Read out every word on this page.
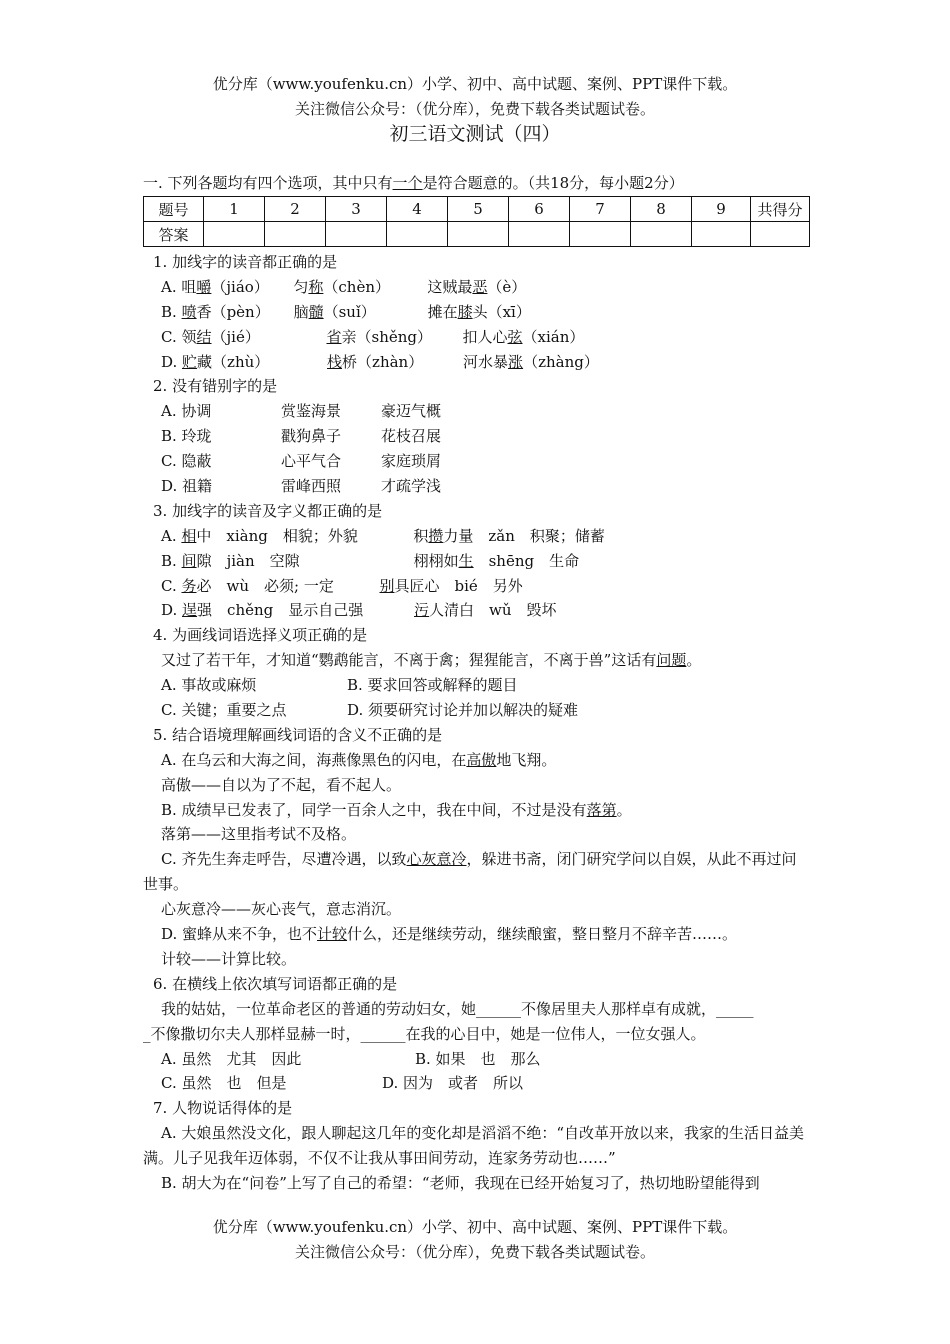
优分库（www.youfenku.cn）小学、初中、高中试题、案例、PPT课件下载。
关注微信公众号：（优分库），免费下载各类试题试卷。
初三语文测试（四）
一. 下列各题均有四个选项，其中只有一个是符合题意的。（共18分，每小题2分）
题号	1	2	3	4	5	6	7	8	9	共得分
答案										
1. 加线字的读音都正确的是
A. 咀嚼（jiáo） 匀称（chèn） 这贼最恶（è）
B. 喷香（pèn） 脑髓（suǐ）	摊在膝头（xī）
C. 领结（jié）	省亲（shěng） 扣人心弦（xián）
D. 贮藏（zhù）	栈桥（zhàn）	河水暴涨（zhàng）
2. 没有错别字的是
A. 协调	赏鉴海景	豪迈气概
B. 玲珑	戳狗鼻子	花枝召展
C. 隐蔽	心平气合	家庭琐屑
D. 祖籍	雷峰西照	才疏学浅
3. 加线字的读音及字义都正确的是
A. 相中　xiàng　相貌；外貌	积攒力量　zǎn　积聚；储蓄
B. 间隙　jiàn　空隙	栩栩如生　shēng　生命
C. 务必　wù　必须; 一定	别具匠心　bié　另外
D. 逞强　chěng　显示自己强	污人清白　wǔ　毁坏
4. 为画线词语选择义项正确的是
又过了若干年，才知道“鹦鹉能言，不离于禽；猩猩能言，不离于兽”这话有问题。
A. 事故或麻烦	B. 要求回答或解释的题目
C. 关键；重要之点	D. 须要研究讨论并加以解决的疑难
5. 结合语境理解画线词语的含义不正确的是
A. 在乌云和大海之间，海燕像黑色的闪电，在高傲地飞翔。
高傲——自以为了不起，看不起人。
B. 成绩早已发表了，同学一百余人之中，我在中间，不过是没有落第。
落第——这里指考试不及格。
C. 齐先生奔走呼告，尽遭冷遇，以致心灰意冷，躲进书斋，闭门研究学问以自娱，从此不再过问世事。
心灰意冷——灰心丧气，意志消沉。
D. 蜜蜂从来不争，也不计较什么，还是继续劳动，继续酿蜜，整日整月不辞辛苦……。
计较——计算比较。
6. 在横线上依次填写词语都正确的是
我的姑姑，一位革命老区的普通的劳动妇女，她______不像居里夫人那样卓有成就，_____
_不像撒切尔夫人那样显赫一时，______在我的心目中，她是一位伟人，一位女强人。
A. 虽然　尤其　因此	B. 如果　也　那么
C. 虽然　也　但是	D. 因为　或者　所以
7. 人物说话得体的是
A. 大娘虽然没文化，跟人聊起这几年的变化却是滔滔不绝：“自改革开放以来，我家的生活日益美满。儿子见我年迈体弱，不仅不让我从事田间劳动，连家务劳动也……”
B. 胡大为在“问卷”上写了自己的希望：“老师，我现在已经开始复习了，热切地盼望能得到
优分库（www.youfenku.cn）小学、初中、高中试题、案例、PPT课件下载。
关注微信公众号：（优分库），免费下载各类试题试卷。
